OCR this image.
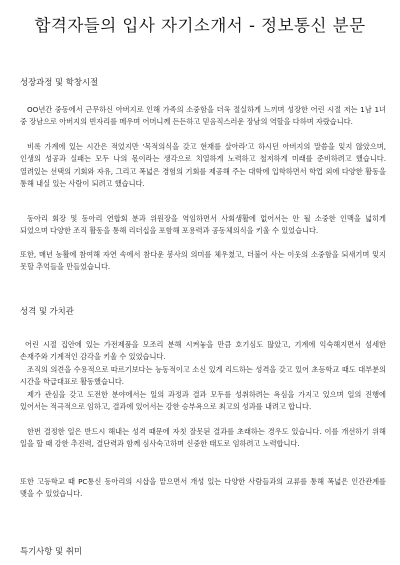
합격자들의 입사 자기소개서 - 정보통신 분문
성장과정 및 학창시절

OO년간 중동에서 근무하신 아버지로 인해 가족의 소중함을 더욱 절실하게 느끼며 성장한 어린 시절 저는 1남 1녀 중 장남으로 아버지의 빈자리를 메우며 어머니께 든든하고 믿음직스러운 장남의 역할을 다하며 자랐습니다.

비록 가계에 있는 시간은 적었지만 '목적의식을 갖고 현재를 살아라'고 하시던 아버지의 말씀을 잊지 않았으며, 인생의 성공과 실패는 모두 나의 몫이라는 생각으로 치열하게 노력하고 철저하게 미래를 준비하려고 했습니다. 열려있는 선택의 기회와 자유, 그리고 폭넓은 경험의 기회를 제공해 주는 대학에 입학하면서 학업 외에 다양한 활동을 통해 내실 있는 사람이 되려고 했습니다.

동아리 회장 및 동아리 연합회 분과 위원장을 역임하면서 사회생활에 없어서는 안 될 소중한 인맥을 넓히게 되었으며 다양한 조직 활동을 통해 리더십을 포함해 포용력과 공동체의식을 키울 수 있었습니다.

또한, 매년 농활에 참여해 자연 속에서 참다운 봉사의 의미를 체우쳤고, 더불어 사는 이웃의 소중함을 되새기며 잊지 못할 추억들을 만들었습니다.

성격 및 가치관

어린 시절 집안에 있는 가전제품을 모조리 분해 시켜놓을 만큼 호기심도 많았고, 기계에 익숙해지면서 섬세한 손재주와 기계적인 감각을 키울 수 있었습니다.

조직의 의견을 수용적으로 따르기보다는 능동적이고 소신 있게 리드하는 성격을 갖고 있어 초등학교 때도 대부분의 시간을 학급대표로 활동했습니다.

제가 관심을 갖고 도전한 분야에서는 일의 과정과 결과 모두를 성취하려는 욕심을 가지고 있으며 일의 진행에 있어서는 적극적으로 임하고, 결과에 있어서는 강한 승부욕으로 최고의 성과를 내려고 합니다.

한번 결정한 일은 반드시 해내는 성격 때문에 자칫 잘못된 결과를 초래하는 경우도 있습니다. 이를 개선하기 위해 일을 할 때 강한 추진력, 결단력과 함께 심사숙고하며 신중한 태도로 임하려고 노력합니다.

또한 고등학교 때 PC통신 동아리의 시삽을 맡으면서 개성 있는 다양한 사람들과의 교류를 통해 폭넓은 인간관계를 맺을 수 있었습니다.

특기사항 및 취미
